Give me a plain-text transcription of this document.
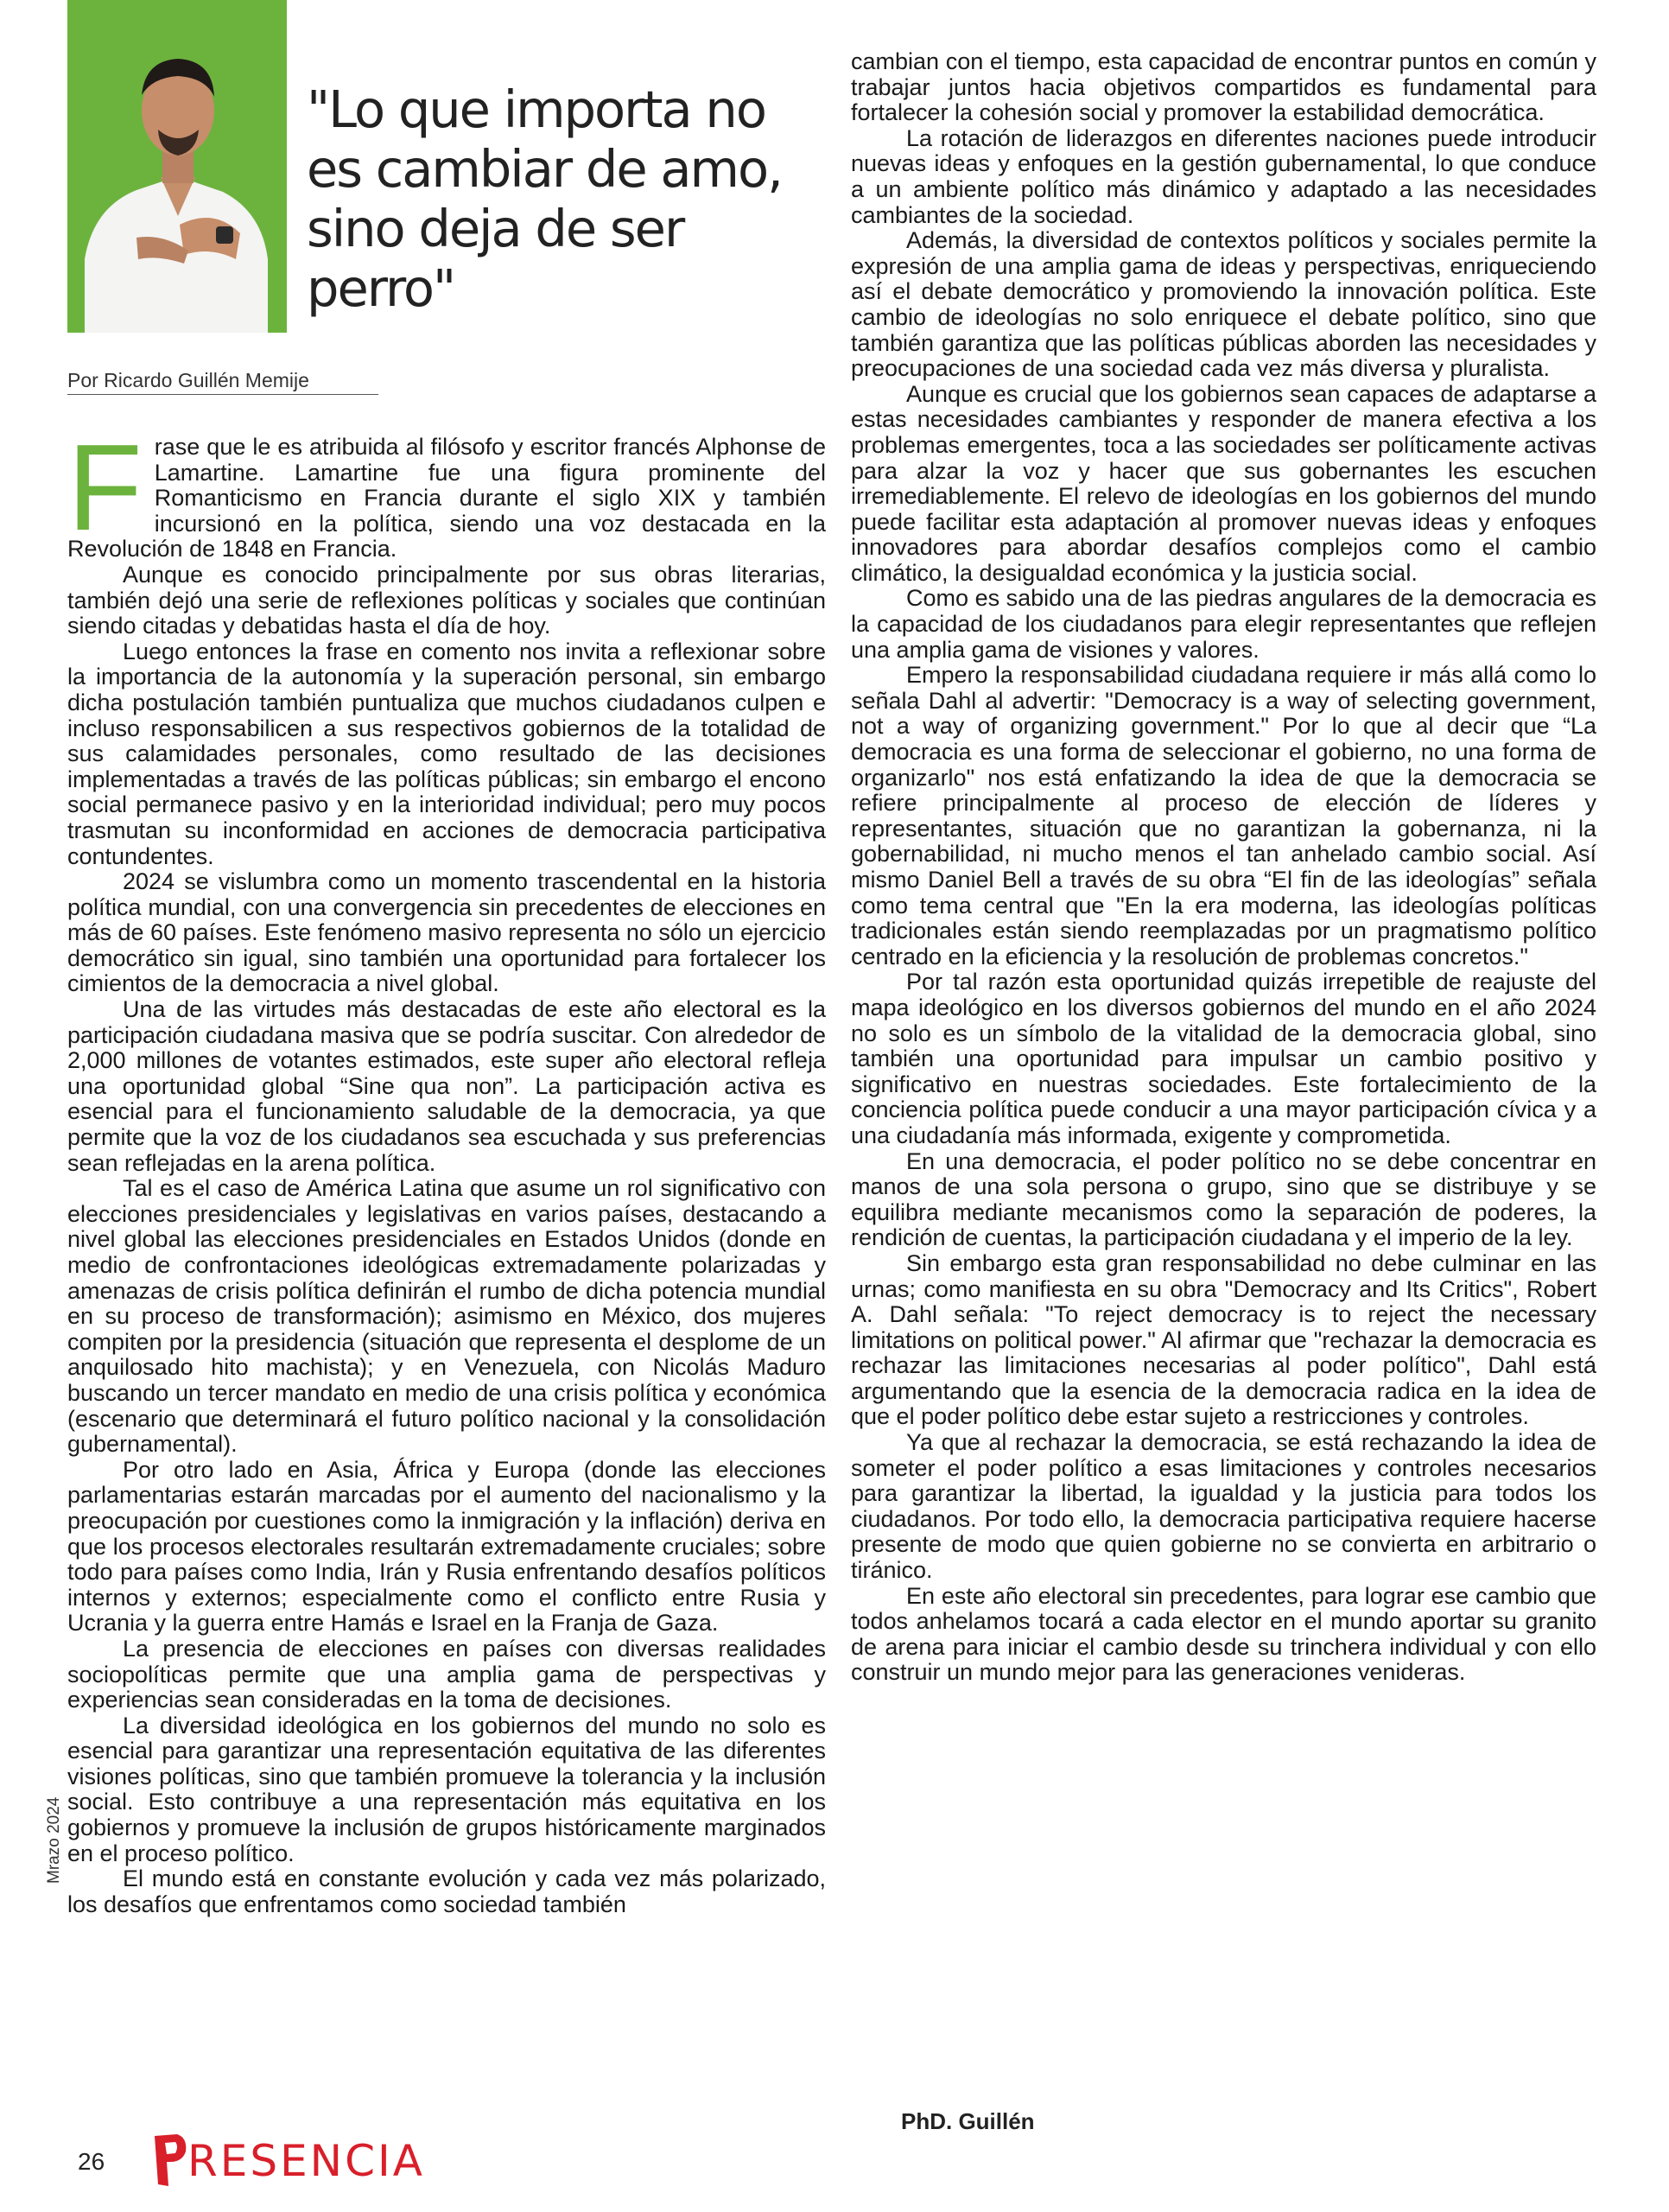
"Lo que importa no es cambiar de amo, sino deja de ser perro"

Por Ricardo Guillén Memije

F rase que le es atribuida al filósofo y escritor francés Alphonse de Lamartine. Lamartine fue una figura prominente del Romanticismo en Francia durante el siglo XIX y también incursionó en la política, siendo una voz destacada en la Revolución de 1848 en Francia.

Aunque es conocido principalmente por sus obras literarias, también dejó una serie de reflexiones políticas y sociales que continúan siendo citadas y debatidas hasta el día de hoy.

Luego entonces la frase en comento nos invita a reflexionar sobre la importancia de la autonomía y la superación personal, sin embargo dicha postulación también puntualiza que muchos ciudadanos culpen e incluso responsabilicen a sus respectivos gobiernos de la totalidad de sus calamidades personales, como resultado de las decisiones implementadas a través de las políticas públicas; sin embargo el encono social permanece pasivo y en la interioridad individual; pero muy pocos trasmutan su inconformidad en acciones de democracia participativa contundentes.

2024 se vislumbra como un momento trascendental en la historia política mundial, con una convergencia sin precedentes de elecciones en más de 60 países. Este fenómeno masivo representa no sólo un ejercicio democrático sin igual, sino también una oportunidad para fortalecer los cimientos de la democracia a nivel global.

Una de las virtudes más destacadas de este año electoral es la participación ciudadana masiva que se podría suscitar. Con alrededor de 2,000 millones de votantes estimados, este super año electoral refleja una oportunidad global “Sine qua non”. La participación activa es esencial para el funcionamiento saludable de la democracia, ya que permite que la voz de los ciudadanos sea escuchada y sus preferencias sean reflejadas en la arena política.

Tal es el caso de América Latina que asume un rol significativo con elecciones presidenciales y legislativas en varios países, destacando a nivel global las elecciones presidenciales en Estados Unidos (donde en medio de confrontaciones ideológicas extremadamente polarizadas y amenazas de crisis política definirán el rumbo de dicha potencia mundial en su proceso de transformación); asimismo en México, dos mujeres compiten por la presidencia (situación que representa el desplome de un anquilosado hito machista); y en Venezuela, con Nicolás Maduro buscando un tercer mandato en medio de una crisis política y económica (escenario que determinará el futuro político nacional y la consolidación gubernamental).

Por otro lado en Asia, África y Europa (donde las elecciones parlamentarias estarán marcadas por el aumento del nacionalismo y la preocupación por cuestiones como la inmigración y la inflación) deriva en que los procesos electorales resultarán extremadamente cruciales; sobre todo para países como India, Irán y Rusia enfrentando desafíos políticos internos y externos; especialmente como el conflicto entre Rusia y Ucrania y la guerra entre Hamás e Israel en la Franja de Gaza.

La presencia de elecciones en países con diversas realidades sociopolíticas permite que una amplia gama de perspectivas y experiencias sean consideradas en la toma de decisiones.

La diversidad ideológica en los gobiernos del mundo no solo es esencial para garantizar una representación equitativa de las diferentes visiones políticas, sino que también promueve la tolerancia y la inclusión social. Esto contribuye a una representación más equitativa en los gobiernos y promueve la inclusión de grupos históricamente marginados en el proceso político.

El mundo está en constante evolución y cada vez más polarizado, los desafíos que enfrentamos como sociedad también

cambian con el tiempo, esta capacidad de encontrar puntos en común y trabajar juntos hacia objetivos compartidos es fundamental para fortalecer la cohesión social y promover la estabilidad democrática.

La rotación de liderazgos en diferentes naciones puede introducir nuevas ideas y enfoques en la gestión gubernamental, lo que conduce a un ambiente político más dinámico y adaptado a las necesidades cambiantes de la sociedad.

Además, la diversidad de contextos políticos y sociales permite la expresión de una amplia gama de ideas y perspectivas, enriqueciendo así el debate democrático y promoviendo la innovación política. Este cambio de ideologías no solo enriquece el debate político, sino que también garantiza que las políticas públicas aborden las necesidades y preocupaciones de una sociedad cada vez más diversa y pluralista.

Aunque es crucial que los gobiernos sean capaces de adaptarse a estas necesidades cambiantes y responder de manera efectiva a los problemas emergentes, toca a las sociedades ser políticamente activas para alzar la voz y hacer que sus gobernantes les escuchen irremediablemente. El relevo de ideologías en los gobiernos del mundo puede facilitar esta adaptación al promover nuevas ideas y enfoques innovadores para abordar desafíos complejos como el cambio climático, la desigualdad económica y la justicia social.

Como es sabido una de las piedras angulares de la democracia es la capacidad de los ciudadanos para elegir representantes que reflejen una amplia gama de visiones y valores.

Empero la responsabilidad ciudadana requiere ir más allá como lo señala Dahl al advertir: "Democracy is a way of selecting government, not a way of organizing government." Por lo que al decir que “La democracia es una forma de seleccionar el gobierno, no una forma de organizarlo" nos está enfatizando la idea de que la democracia se refiere principalmente al proceso de elección de líderes y representantes, situación que no garantizan la gobernanza, ni la gobernabilidad, ni mucho menos el tan anhelado cambio social. Así mismo Daniel Bell a través de su obra “El fin de las ideologías” señala como tema central que "En la era moderna, las ideologías políticas tradicionales están siendo reemplazadas por un pragmatismo político centrado en la eficiencia y la resolución de problemas concretos."

Por tal razón esta oportunidad quizás irrepetible de reajuste del mapa ideológico en los diversos gobiernos del mundo en el año 2024 no solo es un símbolo de la vitalidad de la democracia global, sino también una oportunidad para impulsar un cambio positivo y significativo en nuestras sociedades. Este fortalecimiento de la conciencia política puede conducir a una mayor participación cívica y a una ciudadanía más informada, exigente y comprometida.

En una democracia, el poder político no se debe concentrar en manos de una sola persona o grupo, sino que se distribuye y se equilibra mediante mecanismos como la separación de poderes, la rendición de cuentas, la participación ciudadana y el imperio de la ley.

Sin embargo esta gran responsabilidad no debe culminar en las urnas; como manifiesta en su obra "Democracy and Its Critics", Robert A. Dahl señala: "To reject democracy is to reject the necessary limitations on political power." Al afirmar que "rechazar la democracia es rechazar las limitaciones necesarias al poder político", Dahl está argumentando que la esencia de la democracia radica en la idea de que el poder político debe estar sujeto a restricciones y controles.

Ya que al rechazar la democracia, se está rechazando la idea de someter el poder político a esas limitaciones y controles necesarios para garantizar la libertad, la igualdad y la justicia para todos los ciudadanos. Por todo ello, la democracia participativa requiere hacerse presente de modo que quien gobierne no se convierta en arbitrario o tiránico.

En este año electoral sin precedentes, para lograr ese cambio que todos anhelamos tocará a cada elector en el mundo aportar su granito de arena para iniciar el cambio desde su trinchera individual y con ello construir un mundo mejor para las generaciones venideras.

PhD. Guillén

Mrazo 2024
26 RESENCIA
